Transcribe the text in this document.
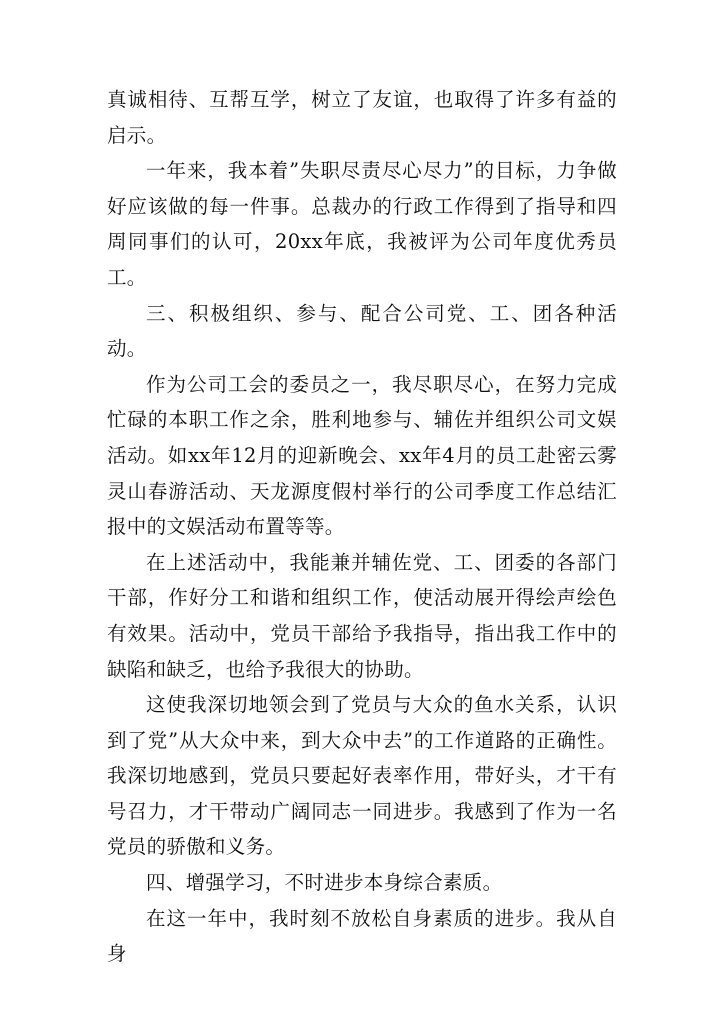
真诚相待、互帮互学，树立了友谊，也取得了许多有益的启示。

一年来，我本着”失职尽责尽心尽力”的目标，力争做好应该做的每一件事。总裁办的行政工作得到了指导和四周同事们的认可，20xx年底，我被评为公司年度优秀员工。

三、积极组织、参与、配合公司党、工、团各种活动。

作为公司工会的委员之一，我尽职尽心，在努力完成忙碌的本职工作之余，胜利地参与、辅佐并组织公司文娱活动。如xx年12月的迎新晚会、xx年4月的员工赴密云雾灵山春游活动、天龙源度假村举行的公司季度工作总结汇报中的文娱活动布置等等。

在上述活动中，我能兼并辅佐党、工、团委的各部门干部，作好分工和谐和组织工作，使活动展开得绘声绘色有效果。活动中，党员干部给予我指导，指出我工作中的缺陷和缺乏，也给予我很大的协助。

这使我深切地领会到了党员与大众的鱼水关系，认识到了党”从大众中来，到大众中去”的工作道路的正确性。我深切地感到，党员只要起好表率作用，带好头，才干有号召力，才干带动广阔同志一同进步。我感到了作为一名党员的骄傲和义务。

四、增强学习，不时进步本身综合素质。

在这一年中，我时刻不放松自身素质的进步。我从自身
